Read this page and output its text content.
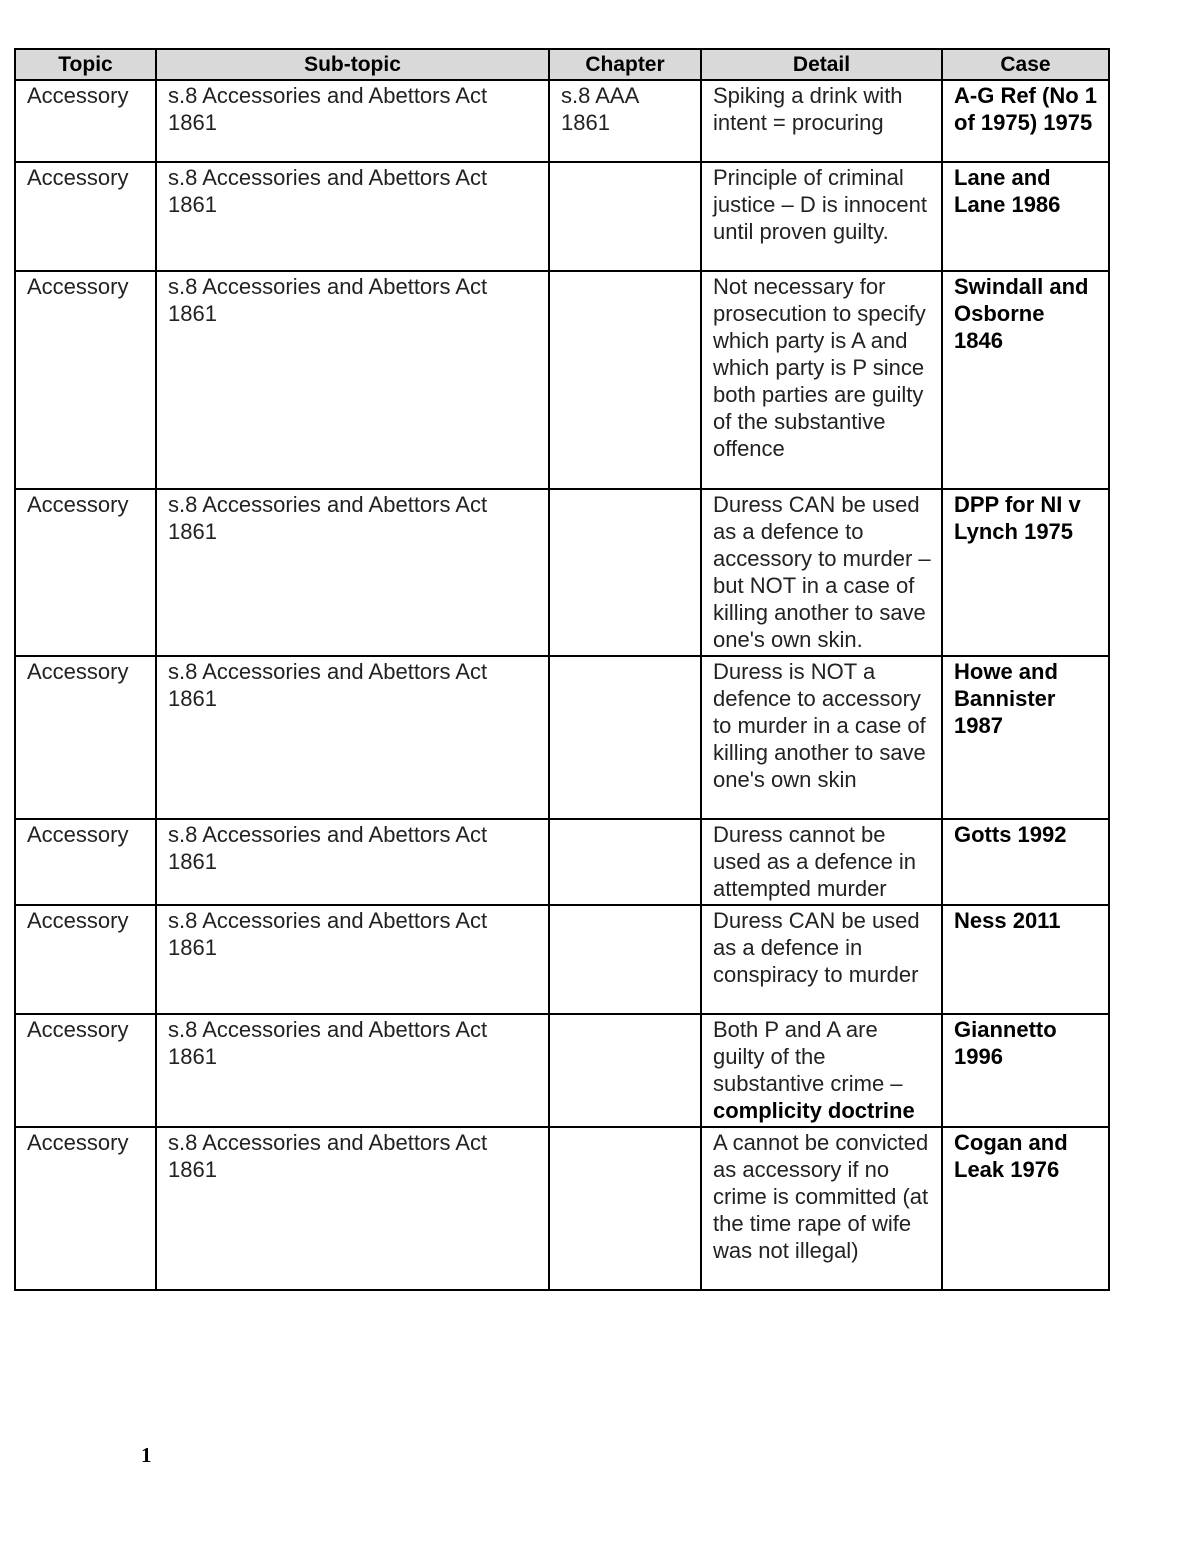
Topic	Sub-topic	Chapter	Detail	Case
Accessory	s.8 Accessories and Abettors Act 1861	s.8 AAA 1861	Spiking a drink with intent = procuring	A-G Ref (No 1 of 1975) 1975
Accessory	s.8 Accessories and Abettors Act 1861		Principle of criminal justice – D is innocent until proven guilty.	Lane and Lane 1986
Accessory	s.8 Accessories and Abettors Act 1861		Not necessary for prosecution to specify which party is A and which party is P since both parties are guilty of the substantive offence	Swindall and Osborne 1846
Accessory	s.8 Accessories and Abettors Act 1861		Duress CAN be used as a defence to accessory to murder – but NOT in a case of killing another to save one's own skin.	DPP for NI v Lynch 1975
Accessory	s.8 Accessories and Abettors Act 1861		Duress is NOT a defence to accessory to murder in a case of killing another to save one's own skin	Howe and Bannister 1987
Accessory	s.8 Accessories and Abettors Act 1861		Duress cannot be used as a defence in attempted murder	Gotts 1992
Accessory	s.8 Accessories and Abettors Act 1861		Duress CAN be used as a defence in conspiracy to murder	Ness 2011
Accessory	s.8 Accessories and Abettors Act 1861		Both P and A are guilty of the substantive crime – complicity doctrine	Giannetto 1996
Accessory	s.8 Accessories and Abettors Act 1861		A cannot be convicted as accessory if no crime is committed (at the time rape of wife was not illegal)	Cogan and Leak 1976
1
